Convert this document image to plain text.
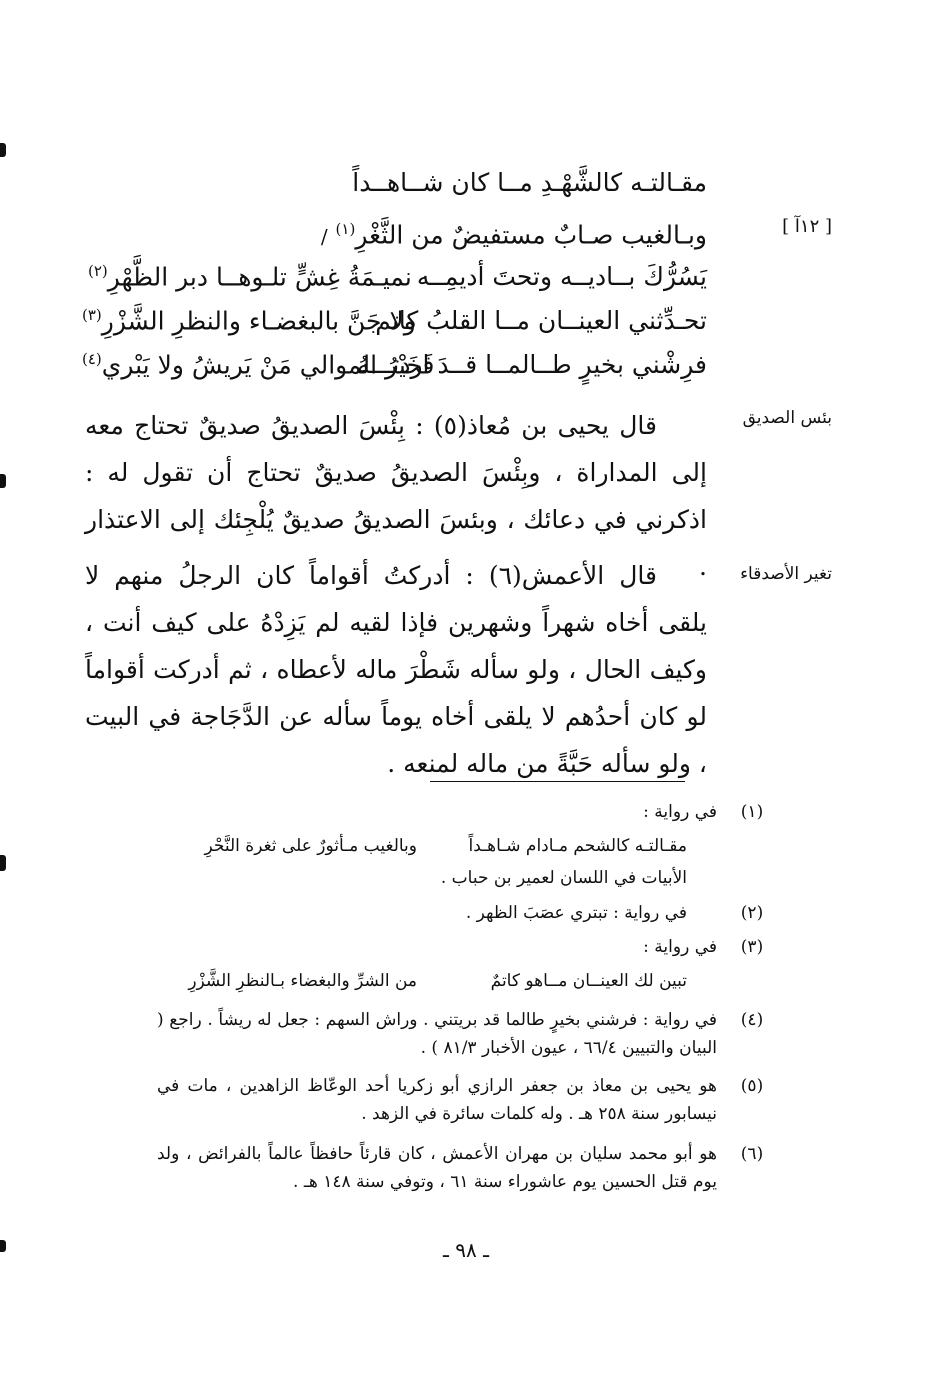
[ ١٢آ ]
مقـالتـه كالشَّهْـدِ مــا كان شــاهــداً
وبـالغيب صـابٌ مستفيضٌ من الثَّغْرِ$^{(١)}$ /
يَسُرُّكَ بــاديــه وتحتَ أديمِــه
نميـمَةُ غِشٍّ تلـوهــا دبر الظَّهْرِ$^{(٢)}$
تحـدِّثني العينــان مــا القلبُ كاتم
ولا جَنَّ بالبغضـاء والنظرِ الشَّزْرِ$^{(٣)}$
فرِشْني بخيرٍ طــالمــا قــدَ اردتـــهُ
فَخَيْرُ الموالي مَنْ يَريشُ ولا يَبْري$^{(٤)}$
بئس الصديق

قال يحيى بن مُعاذ(٥) : بِئْسَ الصديقُ صديقٌ تحتاج معه إلى المداراة ، وبِئْسَ الصديقُ صديقٌ تحتاج أن تقول له : اذكرني في دعائك ، وبئسَ الصديقُ صديقٌ يُلْجِئك إلى الاعتذار . تغير الأصدقاء

قال الأعمش(٦) : أدركتُ أقواماً كان الرجلُ منهم لا يلقى أخاه شهراً وشهرين فإذا لقيه لم يَزِدْهُ على كيف أنت ، وكيف الحال ، ولو سأله شَطْرَ ماله لأعطاه ، ثم أدركت أقواماً لو كان أحدُهم لا يلقى أخاه يوماً سأله عن الدَّجَاجة في البيت ، ولو سأله حَبَّةً من ماله لمنعه .

(١)
في رواية :
مقـالتـه كالشحم مـادام شـاهـداً
وبالغيب مـأثورٌ على ثغرة النَّحْرِ
الأبيات في اللسان لعمير بن حباب .
(٢)
في رواية : تبتري عصَبَ الظهر .
(٣)
في رواية :
تبين لك العينــان مــاهو كاتمٌ
من الشرِّ والبغضاء بـالنظرِ الشَّزْرِ
(٤)
في رواية : فرشني بخيرٍ طالما قد بريتني . وراش السهم : جعل له ريشاً . راجع ( البيان والتبيين ٦٦/٤ ، عيون الأخبار ٨١/٣ ) .
(٥)
هو يحيى بن معاذ بن جعفر الرازي أبو زكريا أحد الوعّاظ الزاهدين ، مات في نيسابور سنة ٢٥٨ هـ . وله كلمات سائرة في الزهد .
(٦)
هو أبو محمد سليان بن مهران الأعمش ، كان قارئاً حافظاً عالماً بالفرائض ، ولد يوم قتل الحسين يوم عاشوراء سنة ٦١ ، وتوفي سنة ١٤٨ هـ .
ـ ٩٨ ـ
